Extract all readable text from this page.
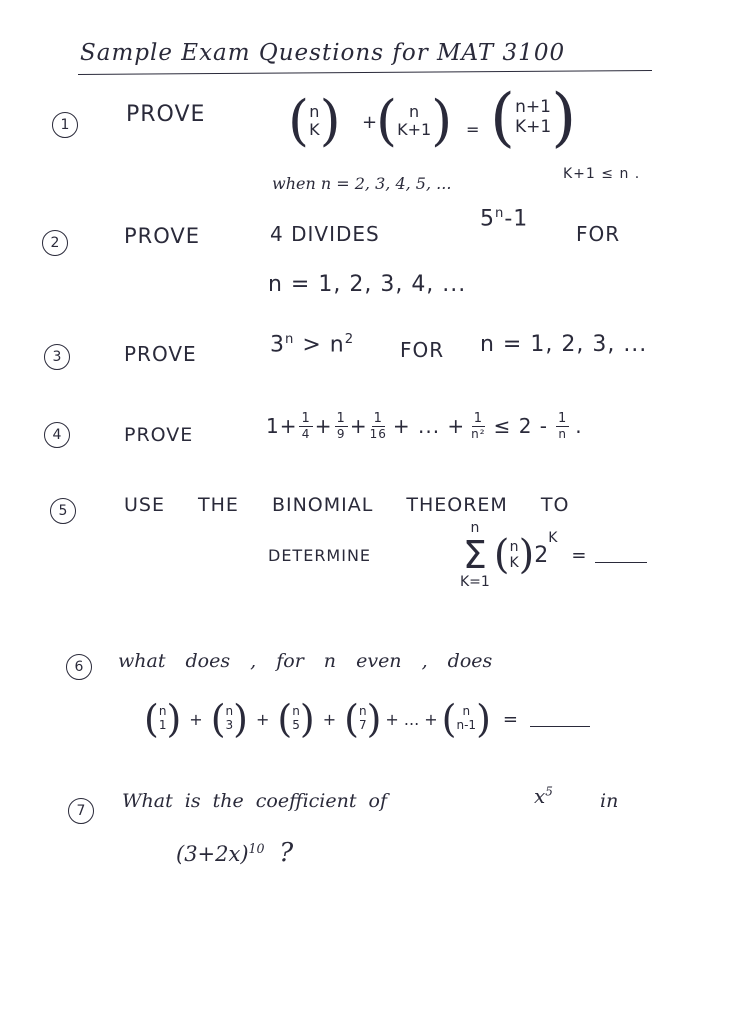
Sample Exam Questions for MAT 3100
1	PROVE ( n
K ) +
( n
K+1 ) = ( n+1
K+1 )
when n = 2, 3, 4, 5, ...	K+1 ≤ n .
2	PROVE	4 DIVIDES
5$^n$-1
FOR
n = 1, 2, 3, 4, ...
3	PROVE	$3^n > n^2$ FOR n = 1, 2, 3, ...
4	PROVE	$1+ \frac{1}{4} + \frac{1}{9} + \frac{1}{16}$ + ... + $\frac{1}{\text{n²}} \le 2 - \frac{1}{n}$ .
5	USE THE BINOMIAL THEOREM TO
DETERMINE
n
Σ
K=1
( n
K ) 2
K
=
6	what does , for n even , does
( n
1 ) + ( n
3 ) + ( n
5 ) + ( n
7 ) + ... + ( n
n-1 ) =
7	What is the coefficient of	$x^5$ in
$(3+2x)^{10}$ ?
